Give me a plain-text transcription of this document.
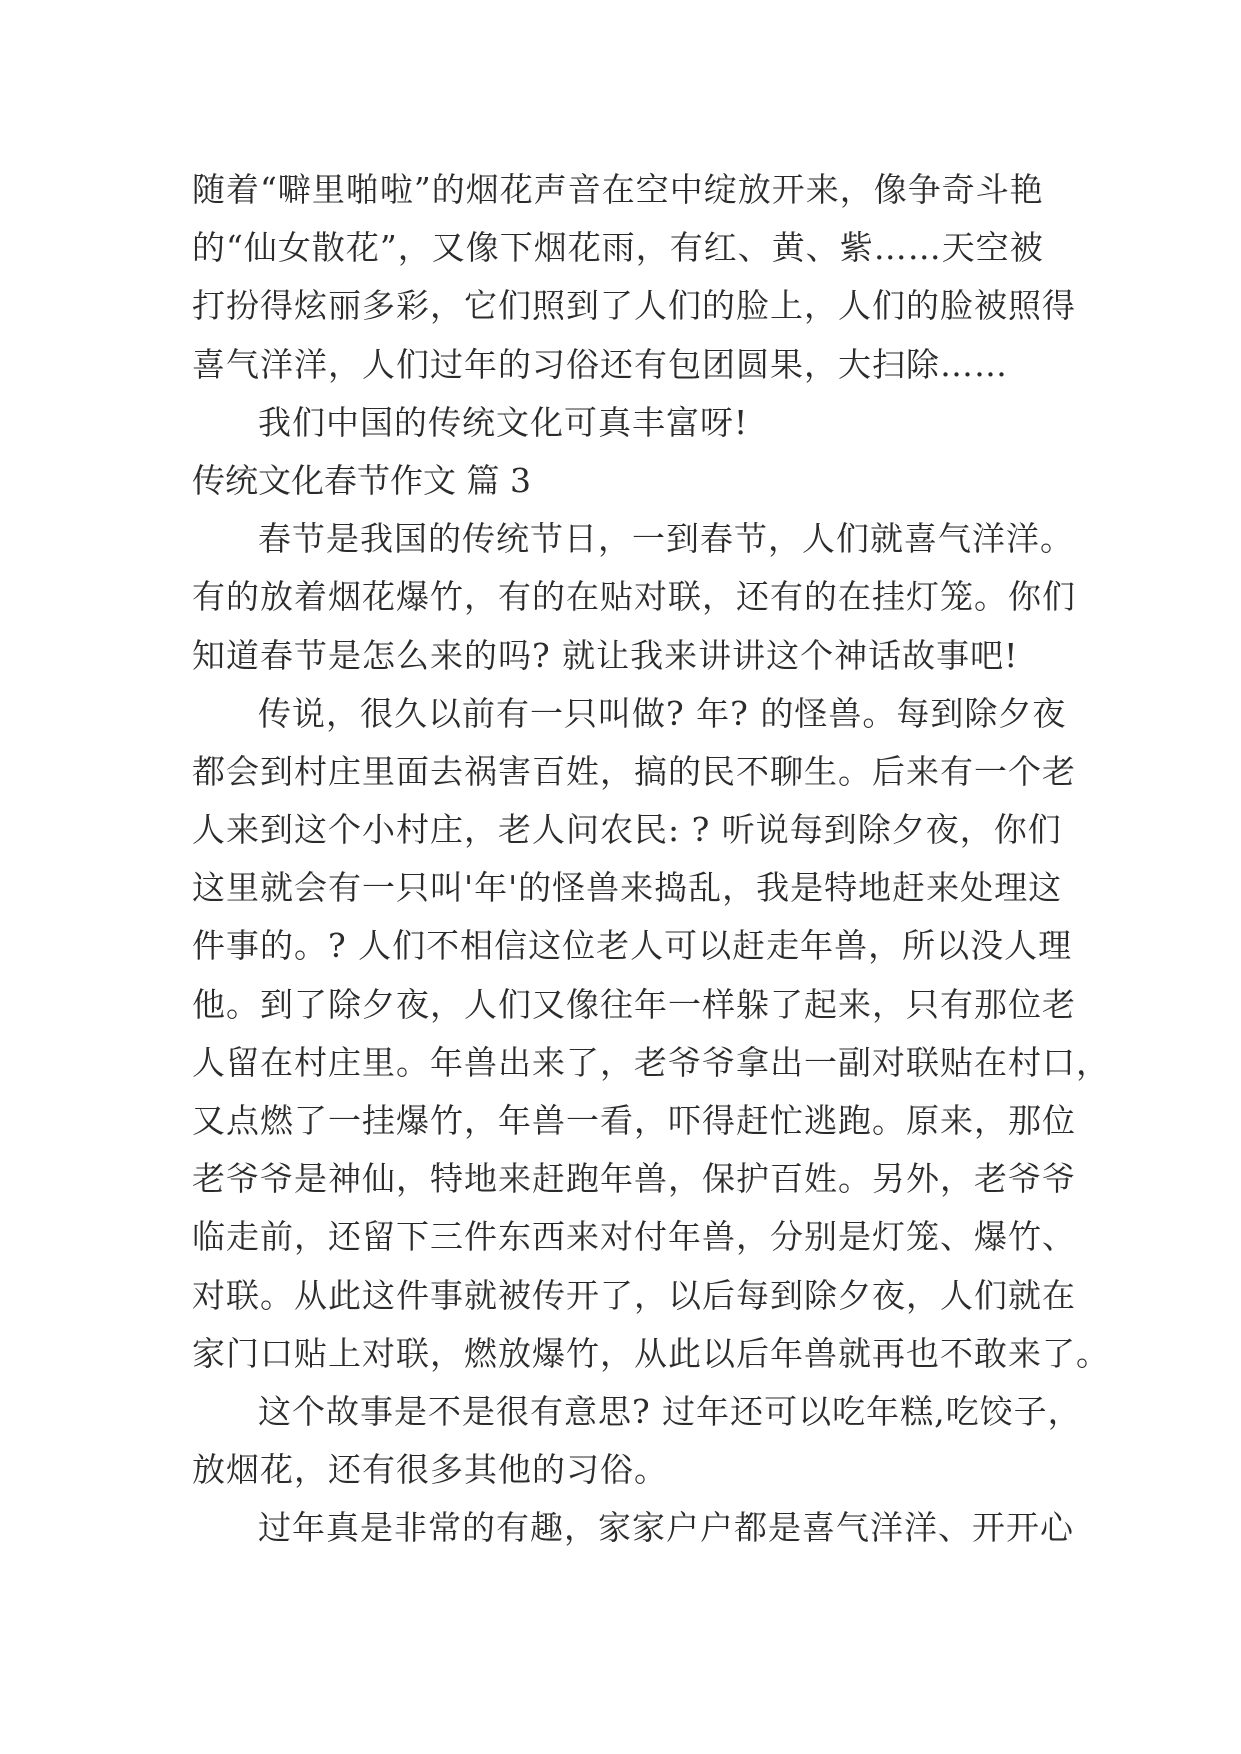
随着“噼里啪啦”的烟花声音在空中绽放开来，像争奇斗艳
的“仙女散花”，又像下烟花雨，有红、黄、紫……天空被
打扮得炫丽多彩，它们照到了人们的脸上，人们的脸被照得
喜气洋洋，人们过年的习俗还有包团圆果，大扫除……
我们中国的传统文化可真丰富呀!
传统文化春节作文 篇 3
春节是我国的传统节日，一到春节，人们就喜气洋洋。
有的放着烟花爆竹，有的在贴对联，还有的在挂灯笼。你们
知道春节是怎么来的吗? 就让我来讲讲这个神话故事吧!
传说，很久以前有一只叫做? 年? 的怪兽。每到除夕夜
都会到村庄里面去祸害百姓，搞的民不聊生。后来有一个老
人来到这个小村庄，老人问农民: ? 听说每到除夕夜，你们
这里就会有一只叫'年'的怪兽来捣乱，我是特地赶来处理这
件事的。? 人们不相信这位老人可以赶走年兽，所以没人理
他。到了除夕夜，人们又像往年一样躲了起来，只有那位老
人留在村庄里。年兽出来了，老爷爷拿出一副对联贴在村口，
又点燃了一挂爆竹，年兽一看，吓得赶忙逃跑。原来，那位
老爷爷是神仙，特地来赶跑年兽，保护百姓。另外，老爷爷
临走前，还留下三件东西来对付年兽，分别是灯笼、爆竹、
对联。从此这件事就被传开了，以后每到除夕夜，人们就在
家门口贴上对联，燃放爆竹，从此以后年兽就再也不敢来了。
这个故事是不是很有意思? 过年还可以吃年糕,吃饺子，
放烟花，还有很多其他的习俗。
过年真是非常的有趣，家家户户都是喜气洋洋、开开心
